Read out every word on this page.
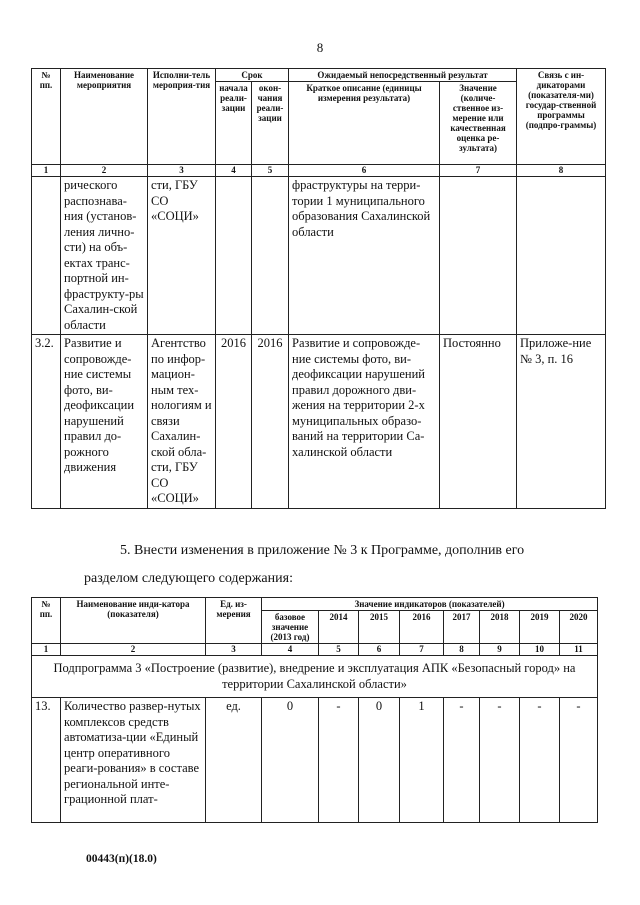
8
№ пп.	Наименование мероприятия	Исполни-тель мероприя-тия	Срок		Ожидаемый непосредственный результат		Связь с ин-дикаторами (показателя-ми) государ-ственной программы (подпро-граммы)
			начала реали-зации	окон-чания реали-зации	Краткое описание (единицы измерения результата)	Значение (количе-ственное из-мерение или качественная оценка ре-зультата)	
1	2	3	4	5	6	7	8
	рического распознава-ния (установ-ления лично-сти) на объ-ектах транс-портной ин-фраструкту-ры Сахалин-ской области	сти, ГБУ СО «СОЦИ»			фраструктуры на терри-тории 1 муниципального образования Сахалинской области		
3.2.	Развитие и сопровожде-ние системы фото, ви-деофиксации нарушений правил до-рожного движения	Агентство по инфор-мацион-ным тех-нологиям и связи Сахалин-ской обла-сти, ГБУ СО «СОЦИ»	2016	2016	Развитие и сопровожде-ние системы фото, ви-деофиксации нарушений правил дорожного дви-жения на территории 2-х муниципальных образо-ваний на территории Са-халинской области	Постоянно	Приложе-ние № 3, п. 16
5. Внести изменения в приложение № 3 к Программе, дополнив его
разделом следующего содержания:
№ пп.	Наименование инди-катора (показателя)	Ед. из-мерения	Значение индикаторов (показателей)							
			базовое значение (2013 год)	2014	2015	2016	2017	2018	2019	2020
1	2	3	4	5	6	7	8	9	10	11
Подпрограмма 3 «Построение (развитие), внедрение и эксплуатация АПК «Безопасный город» на территории Сахалинской области»										
13.	Количество развер-нутых комплексов средств автоматиза-ции «Единый центр оперативного реаги-рования» в составе региональной инте-грационной плат-	ед.	0	-	0	1	-	-	-	-
00443(п)(18.0)
